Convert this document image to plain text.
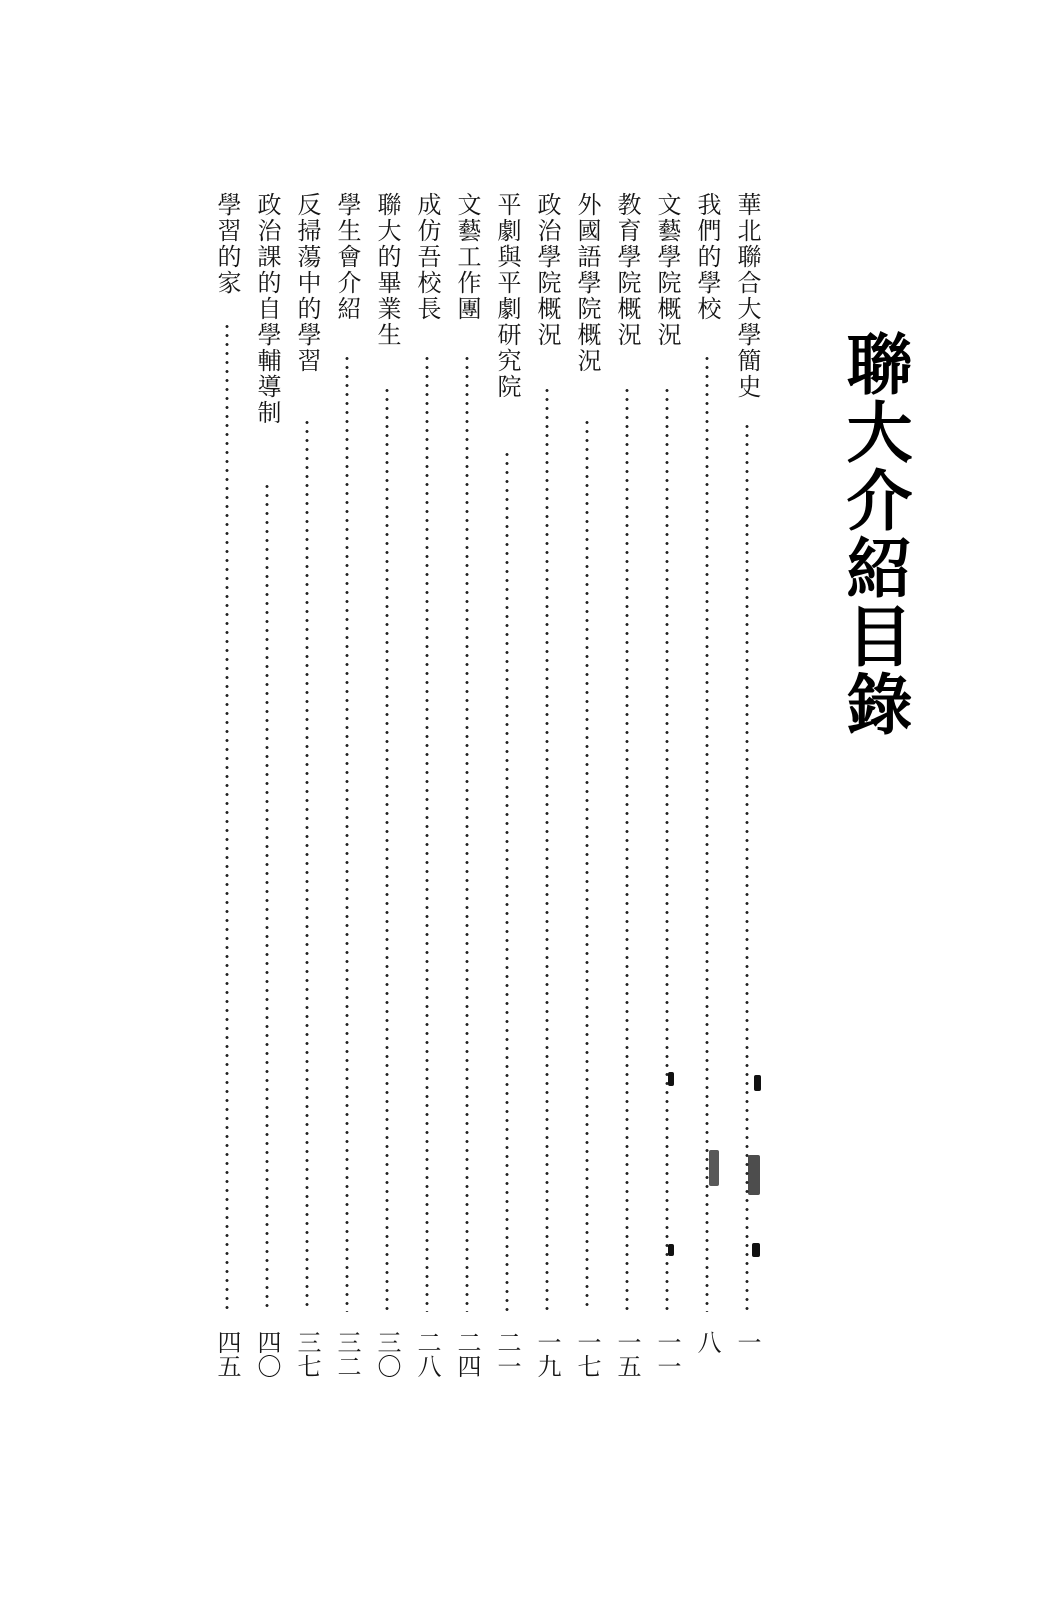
聯大介紹目錄
華北聯合大學簡史
一
我們的學校
八
文藝學院概況
一一
教育學院概況
一五
外國語學院概況
一七
政治學院概況
一九
平劇與平劇研究院
二一
文藝工作團
二四
成仿吾校長
二八
聯大的畢業生
三〇
學生會介紹
三二
反掃蕩中的學習
三七
政治課的自學輔導制
四〇
學習的家
四五
